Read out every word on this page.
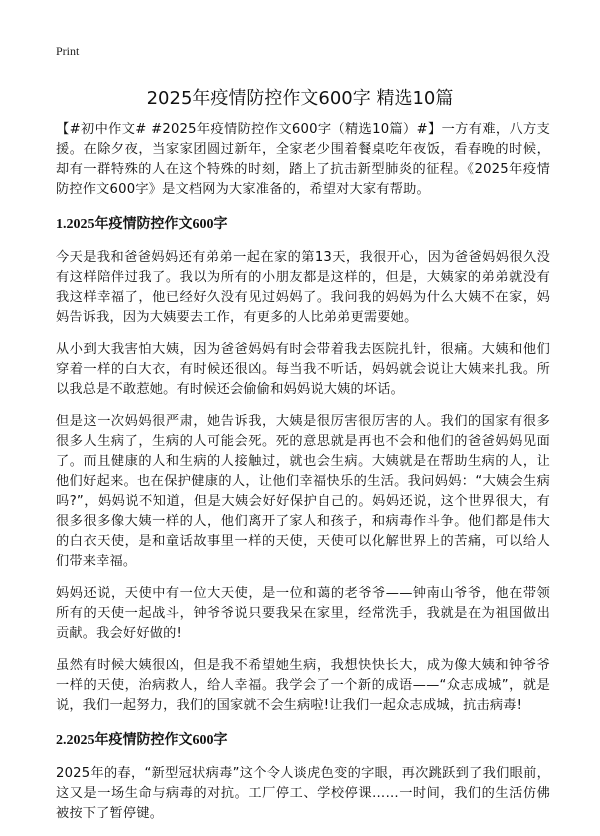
Print
2025年疫情防控作文600字 精选10篇

【#初中作文# #2025年疫情防控作文600字（精选10篇）#】一方有难，八方支援。在除夕夜，当家家团圆过新年，全家老少围着餐桌吃年夜饭，看春晚的时候，却有一群特殊的人在这个特殊的时刻，踏上了抗击新型肺炎的征程。《2025年疫情防控作文600字》是文档网为大家准备的，希望对大家有帮助。

1.2025年疫情防控作文600字

今天是我和爸爸妈妈还有弟弟一起在家的第13天，我很开心，因为爸爸妈妈很久没有这样陪伴过我了。我以为所有的小朋友都是这样的，但是，大姨家的弟弟就没有我这样幸福了，他已经好久没有见过妈妈了。我问我的妈妈为什么大姨不在家，妈妈告诉我，因为大姨要去工作，有更多的人比弟弟更需要她。

从小到大我害怕大姨，因为爸爸妈妈有时会带着我去医院扎针，很痛。大姨和他们穿着一样的白大衣，有时候还很凶。每当我不听话，妈妈就会说让大姨来扎我。所以我总是不敢惹她。有时候还会偷偷和妈妈说大姨的坏话。

但是这一次妈妈很严肃，她告诉我，大姨是很厉害很厉害的人。我们的国家有很多很多人生病了，生病的人可能会死。死的意思就是再也不会和他们的爸爸妈妈见面了。而且健康的人和生病的人接触过，就也会生病。大姨就是在帮助生病的人，让他们好起来。也在保护健康的人，让他们幸福快乐的生活。我问妈妈：“大姨会生病吗?”，妈妈说不知道，但是大姨会好好保护自己的。妈妈还说，这个世界很大，有很多很多像大姨一样的人，他们离开了家人和孩子，和病毒作斗争。他们都是伟大的白衣天使，是和童话故事里一样的天使，天使可以化解世界上的苦痛，可以给人们带来幸福。

妈妈还说，天使中有一位大天使，是一位和蔼的老爷爷——钟南山爷爷，他在带领所有的天使一起战斗，钟爷爷说只要我呆在家里，经常洗手，我就是在为祖国做出贡献。我会好好做的!

虽然有时候大姨很凶，但是我不希望她生病，我想快快长大，成为像大姨和钟爷爷一样的天使，治病救人，给人幸福。我学会了一个新的成语——“众志成城”，就是说，我们一起努力，我们的国家就不会生病啦!让我们一起众志成城，抗击病毒!

2.2025年疫情防控作文600字

2025年的春，“新型冠状病毒”这个令人谈虎色变的字眼，再次跳跃到了我们眼前，这又是一场生命与病毒的对抗。工厂停工、学校停课……一时间，我们的生活仿佛被按下了暂停键。
